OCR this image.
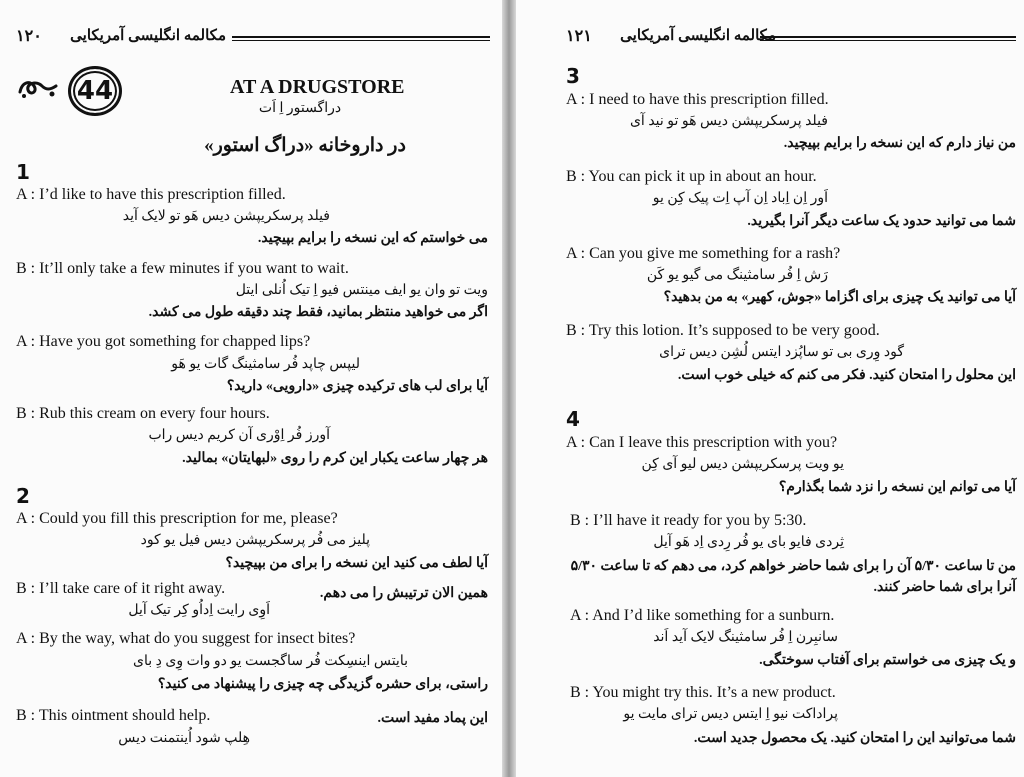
۱۲۰ مکالمه انگلیسی آمریکایی
44	AT A DRUGSTORE
دراگستور اِ اَت
در داروخانه «دراگ استور»
1
A : I’d like to have this prescription filled.
فیلد پرسکریپشن دیس هَو تو لایک آید
می خواستم که این نسخه را برایم بپیچید.
B : It’ll only take a few minutes if you want to wait.
ویت تو وان یو ایف مینتس فیو اِ تیک اُنلی ایتل
اگر می خواهید منتظر بمانید، فقط چند دقیقه طول می کشد.
A : Have you got something for chapped lips?
لیپس چاپد فُر سامثینگ گات یو هَو
آیا برای لب های ترکیده چیزی «دارویی» دارید؟
B : Rub this cream on every four hours.
آورز فُر اِوْری آن کریم دیس راب
هر چهار ساعت یکبار این کرم را روی «لبهایتان» بمالید.
2
A : Could you fill this prescription for me, please?
پلیز می فُر پرسکریپشن دیس فیل یو کود
آیا لطف می کنید این نسخه را برای من بپیچید؟
B : I’ll take care of it right away.	همین الان ترتیبش را می دهم.
اَوِی رایت اِداُو کِر تیک آیل
A : By the way, what do you suggest for insect bites?
بایتس اینسِکت فُر ساگجست یو دو وات وِی دِ بای
راستی، برای حشره گزیدگی چه چیزی را پیشنهاد می کنید؟
B : This ointment should help.	این پماد مفید است.
هِلپ شود اُینتمنت دیس
۱۲۱ مکالمه انگلیسی آمریکایی
3
A : I need to have this prescription filled.
فیلد پرسکریپشن دیس هَو تو نید آی
من نیاز دارم که این نسخه را برایم بپیچید.
B : You can pick it up in about an hour.
اَور اِن اِباد اِن آپ اِت پیک کِن یو
شما می توانید حدود یک ساعت دیگر آنرا بگیرید.
A : Can you give me something for a rash?
رَش اِ فُر سامثینگ می گیو یو کَن
آیا می توانید یک چیزی برای اگزاما «جوش، کهیر» به من بدهید؟
B : Try this lotion. It’s supposed to be very good.
گود وِری بی تو ساپُزد ایتس لُشِن دیس ترای
این محلول را امتحان کنید. فکر می کنم که خیلی خوب است.
4
A : Can I leave this prescription with you?
یو ویت پرسکریپشن دیس لیو آی کِن
آیا می توانم این نسخه را نزد شما بگذارم؟
B : I’ll have it ready for you by 5:30.
ثِردی فایو بای یو فُر رِدی اِد هَو آیل
من تا ساعت ۵/۳۰ آن را برای شما حاضر خواهم کرد، می دهم که تا ساعت ۵/۳۰ آنرا برای شما حاضر کنند.
A : And I’d like something for a sunburn.
سانبِرن اِ فُر سامثینگ لایک آید اَند
و یک چیزی می خواستم برای آفتاب سوختگی.
B : You might try this. It’s a new product.
پراداکت نیو اِ ایتس دیس ترای مایت یو
شما می‌توانید این را امتحان کنید. یک محصول جدید است.
